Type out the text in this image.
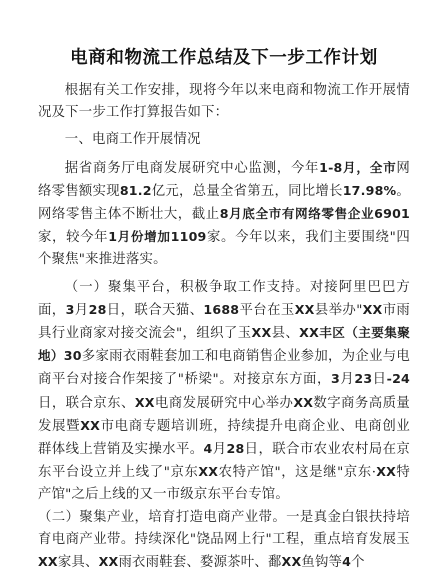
电商和物流工作总结及下一步工作计划

根据有关工作安排，现将今年以来电商和物流工作开展情况及下一步工作打算报告如下：

一、电商工作开展情况

据省商务厅电商发展研究中心监测，今年1-8月，全市网络零售额实现81.2亿元，总量全省第五，同比增长17.98%。网络零售主体不断壮大，截止8月底全市有网络零售企业6901家，较今年1月份增加1109家。今年以来，我们主要围绕"四个聚焦"来推进落实。

（一）聚集平台，积极争取工作支持。对接阿里巴巴方面，3月28日，联合天猫、1688平台在玉XX县举办"XX市雨具行业商家对接交流会"，组织了玉XX县、XX丰区（主要集聚地）30多家雨衣雨鞋套加工和电商销售企业参加，为企业与电商平台对接合作架接了"桥梁"。对接京东方面，3月23日-24日，联合京东、XX电商发展研究中心举办XX数字商务高质量发展暨XX市电商专题培训班，持续提升电商企业、电商创业群体线上营销及实操水平。4月28日，联合市农业农村局在京东平台设立并上线了"京东XX农特产馆"，这是继"京东·XX特产馆"之后上线的又一市级京东平台专馆。

（二）聚集产业，培育打造电商产业带。一是真金白银扶持培育电商产业带。持续深化"饶品网上行"工程，重点培育发展玉XX家具、XX雨衣雨鞋套、婺源茶叶、鄱XX鱼钩等4个
